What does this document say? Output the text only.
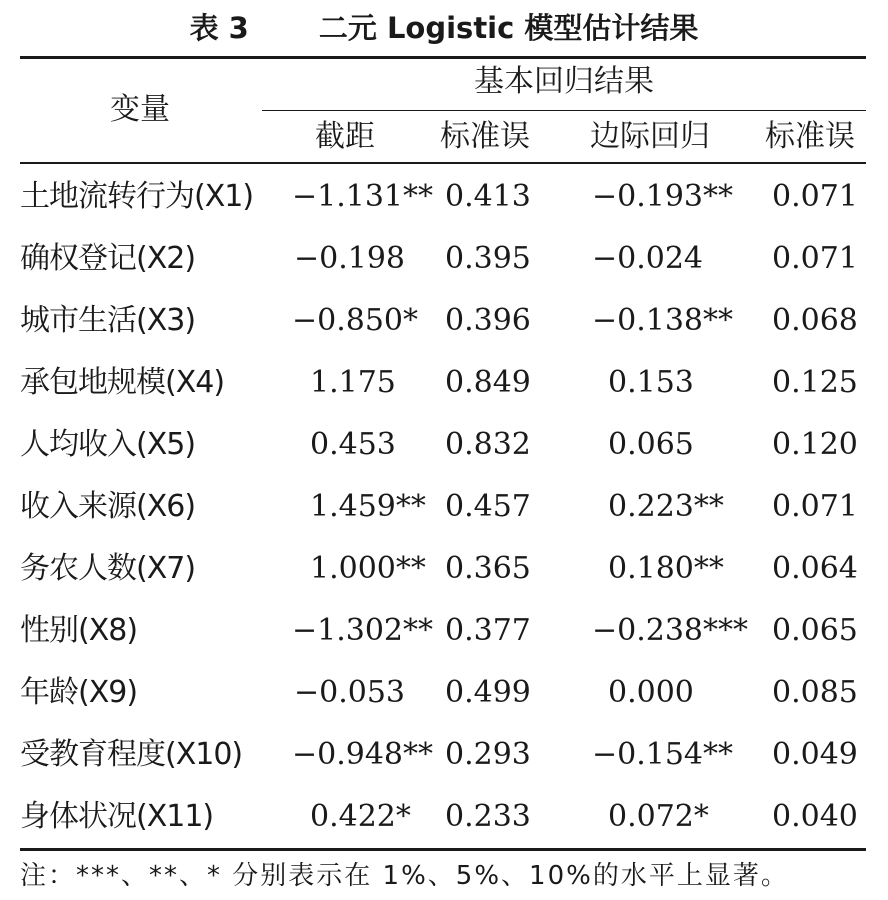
表 3 二元 Logistic 模型估计结果
变量
基本回归结果
截距	标准误	边际回归	标准误
土地流转行为(X1) −1.131** 0.413 −0.193** 0.071
确权登记(X2)	−0.198 0.395 −0.024 0.071
城市生活(X3)	−0.850* 0.396 −0.138** 0.068
承包地规模(X4)	1.175 0.849	0.153	0.125
人均收入(X5)	0.453 0.832	0.065	0.120
收入来源(X6)	1.459** 0.457	0.223** 0.071
务农人数(X7)	1.000** 0.365	0.180** 0.064
性别(X8)	−1.302** 0.377 −0.238*** 0.065
年龄(X9)	−0.053 0.499	0.000	0.085
受教育程度(X10) −0.948** 0.293 −0.154** 0.049
身体状况(X11)	0.422* 0.233	0.072* 0.040
注：***、**、* 分别表示在 1%、5%、10%的水平上显著。
